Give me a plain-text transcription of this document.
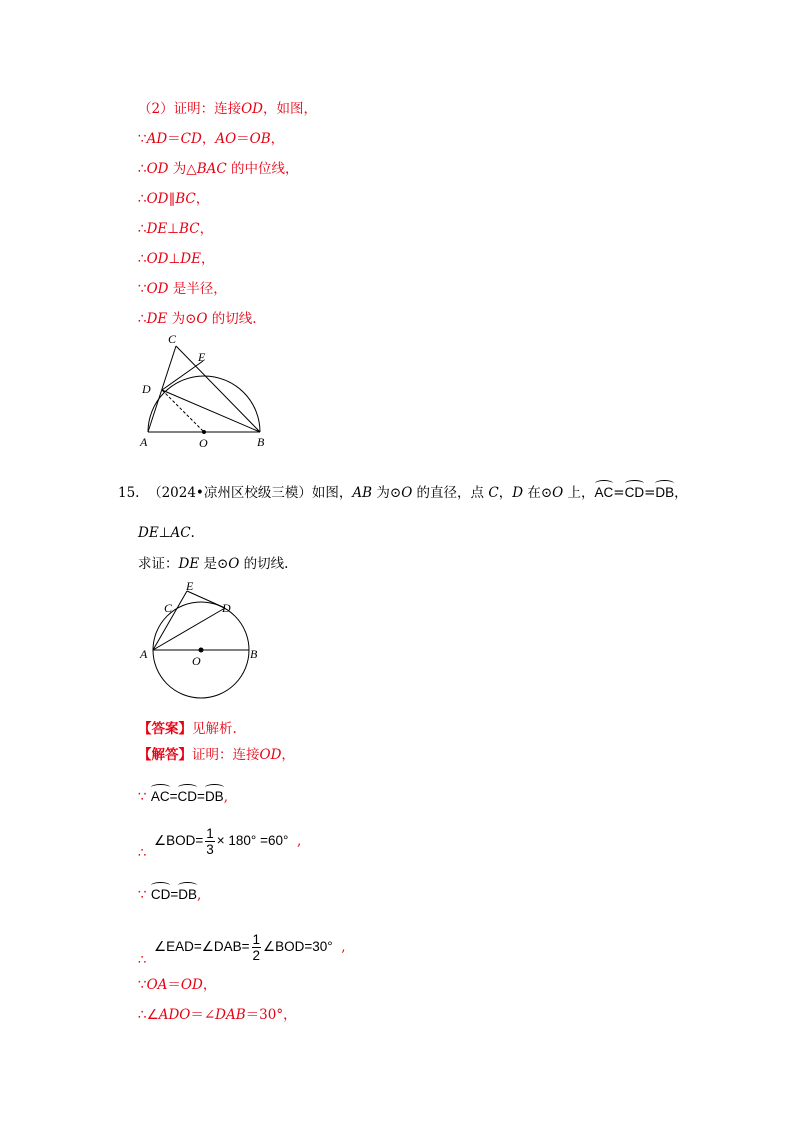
（2）证明：连接OD，如图，
∵AD＝CD，AO＝OB，
∴OD 为△BAC 的中位线，
∴OD∥BC，
∴DE⊥BC，
∴OD⊥DE，
∵OD 是半径，
∴DE 为⊙O 的切线.
C
E
D
A	O	B
15. （2024•凉州区校级三模）如图，AB 为⊙O 的直径，点 C，D 在⊙O 上，AC=CD=DB，
DE⊥AC.
求证：DE 是⊙O 的切线.
E
C	D
A	O	B
【答案】见解析.
【解答】证明：连接OD，
∵ AC=CD=DB,
∴
∠BOD= $\frac{1}{3} \times 180^\circ =60^\circ$ ,
∵ CD=DB,
∴
∠EAD=∠DAB= $\frac{1}{2}$ ∠BOD=30° ,
∵OA＝OD，
∴∠ADO＝∠DAB＝30°，
